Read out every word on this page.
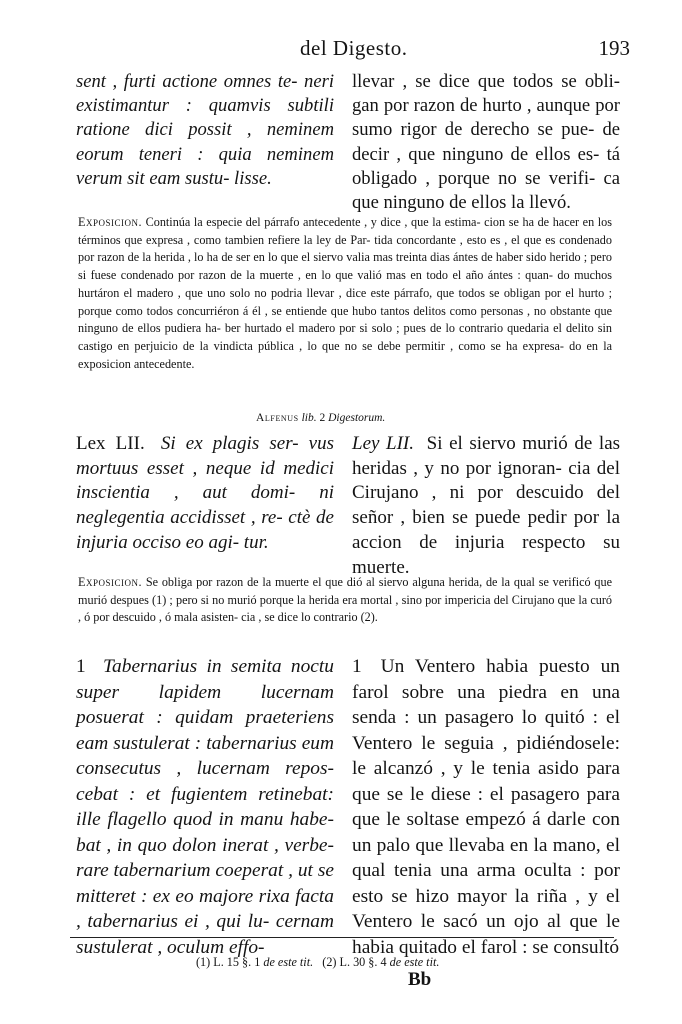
del Digesto.	193
sent , furti actione omnes te- neri existimantur : quamvis subtili ratione dici possit , neminem eorum teneri : quia neminem verum sit eam sustu- lisse.
llevar , se dice que todos se obli- gan por razon de hurto , aunque por sumo rigor de derecho se pue- de decir , que ninguno de ellos es- tá obligado , porque no se verifi- ca que ninguno de ellos la llevó.
Exposicion. Continúa la especie del párrafo antecedente , y dice , que la estima- cion se ha de hacer en los términos que expresa , como tambien refiere la ley de Par- tida concordante , esto es , el que es condenado por razon de la herida , lo ha de ser en lo que el siervo valia mas treinta dias ántes de haber sido herido ; pero si fuese condenado por razon de la muerte , en lo que valió mas en todo el año ántes : quan- do muchos hurtáron el madero , que uno solo no podria llevar , dice este párrafo, que todos se obligan por el hurto ; porque como todos concurriéron á él , se entiende que hubo tantos delitos como personas , no obstante que ninguno de ellos pudiera ha- ber hurtado el madero por si solo ; pues de lo contrario quedaria el delito sin castigo en perjuicio de la vindicta pública , lo que no se debe permitir , como se ha expresa- do en la exposicion antecedente.
Alfenus lib. 2 Digestorum.
Lex LII. Si ex plagis ser- vus mortuus esset , neque id medici inscientia , aut domi- ni neglegentia accidisset , re- ctè de injuria occiso eo agi- tur.
Ley LII. Si el siervo murió de las heridas , y no por ignoran- cia del Cirujano , ni por descuido del señor , bien se puede pedir por la accion de injuria respecto su muerte.
Exposicion. Se obliga por razon de la muerte el que dió al siervo alguna herida, de la qual se verificó que murió despues (1) ; pero si no murió porque la herida era mortal , sino por impericia del Cirujano que la curó , ó por descuido , ó mala asisten- cia , se dice lo contrario (2).
1 Tabernarius in semita noctu super lapidem lucernam posuerat : quidam praeteriens eam sustulerat : tabernarius eum consecutus , lucernam repos- cebat : et fugientem retinebat: ille flagello quod in manu habe- bat , in quo dolon inerat , verbe- rare tabernarium coeperat , ut se mitteret : ex eo majore rixa facta , tabernarius ei , qui lu- cernam sustulerat , oculum effo-
1 Un Ventero habia puesto un farol sobre una piedra en una senda : un pasagero lo quitó : el Ventero le seguia , pidiéndosele: le alcanzó , y le tenia asido para que se le diese : el pasagero para que le soltase empezó á darle con un palo que llevaba en la mano, el qual tenia una arma oculta : por esto se hizo mayor la riña , y el Ventero le sacó un ojo al que le habia quitado el farol : se consultó
(1) L. 15 §. 1 de este tit. (2) L. 30 §. 4 de este tit.
Bb
